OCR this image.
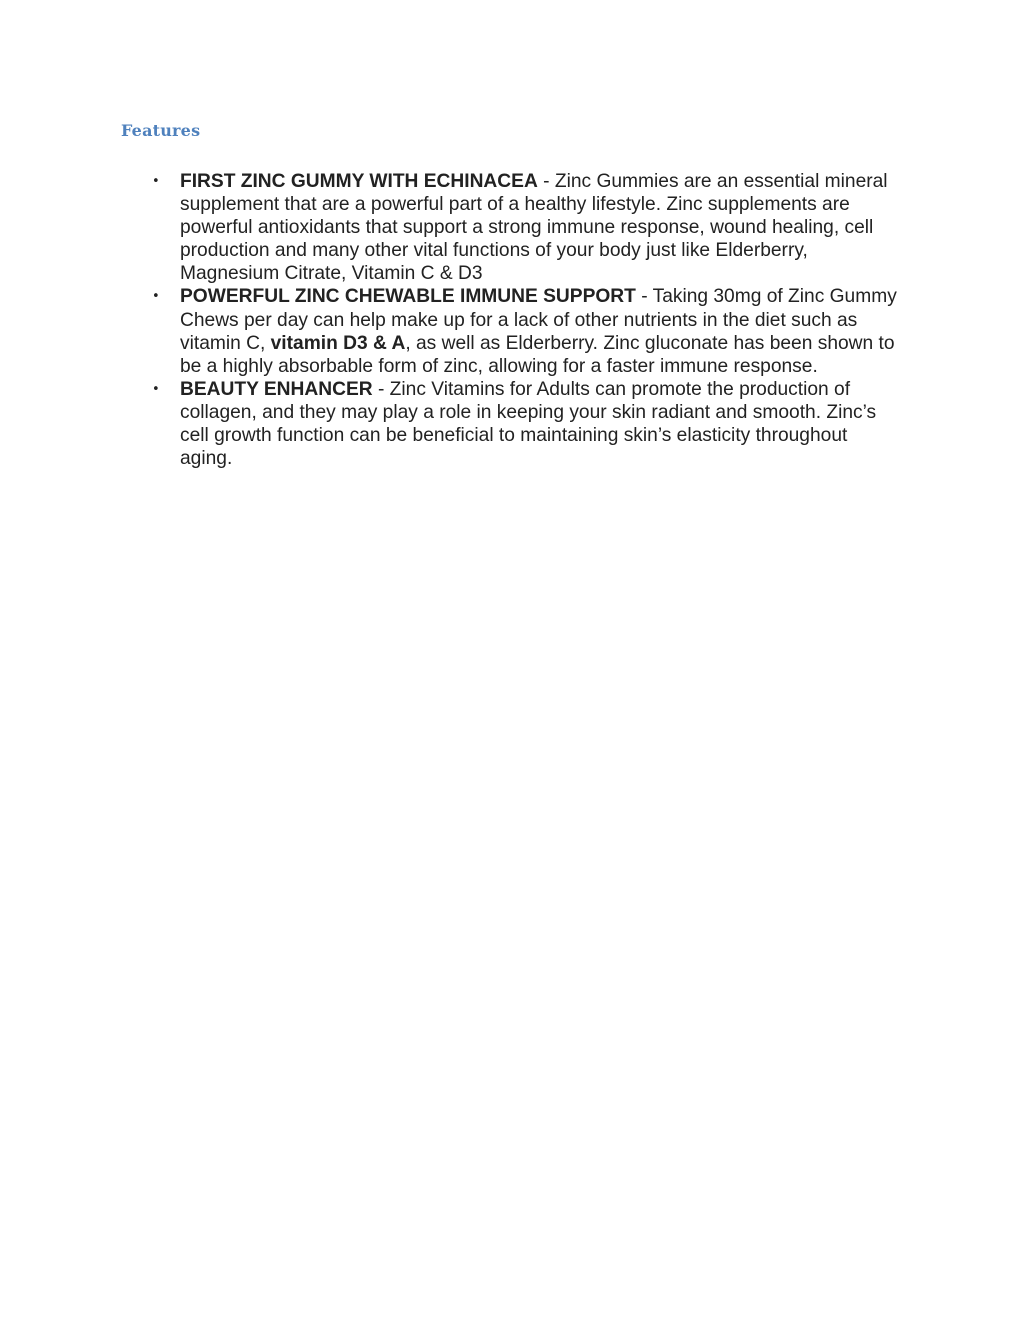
Features
• FIRST ZINC GUMMY WITH ECHINACEA - Zinc Gummies are an essential mineral supplement that are a powerful part of a healthy lifestyle. Zinc supplements are powerful antioxidants that support a strong immune response, wound healing, cell production and many other vital functions of your body just like Elderberry, Magnesium Citrate, Vitamin C & D3
• POWERFUL ZINC CHEWABLE IMMUNE SUPPORT - Taking 30mg of Zinc Gummy Chews per day can help make up for a lack of other nutrients in the diet such as vitamin C, vitamin D3 & A, as well as Elderberry. Zinc gluconate has been shown to be a highly absorbable form of zinc, allowing for a faster immune response.
• BEAUTY ENHANCER - Zinc Vitamins for Adults can promote the production of collagen, and they may play a role in keeping your skin radiant and smooth. Zinc’s cell growth function can be beneficial to maintaining skin’s elasticity throughout aging.
